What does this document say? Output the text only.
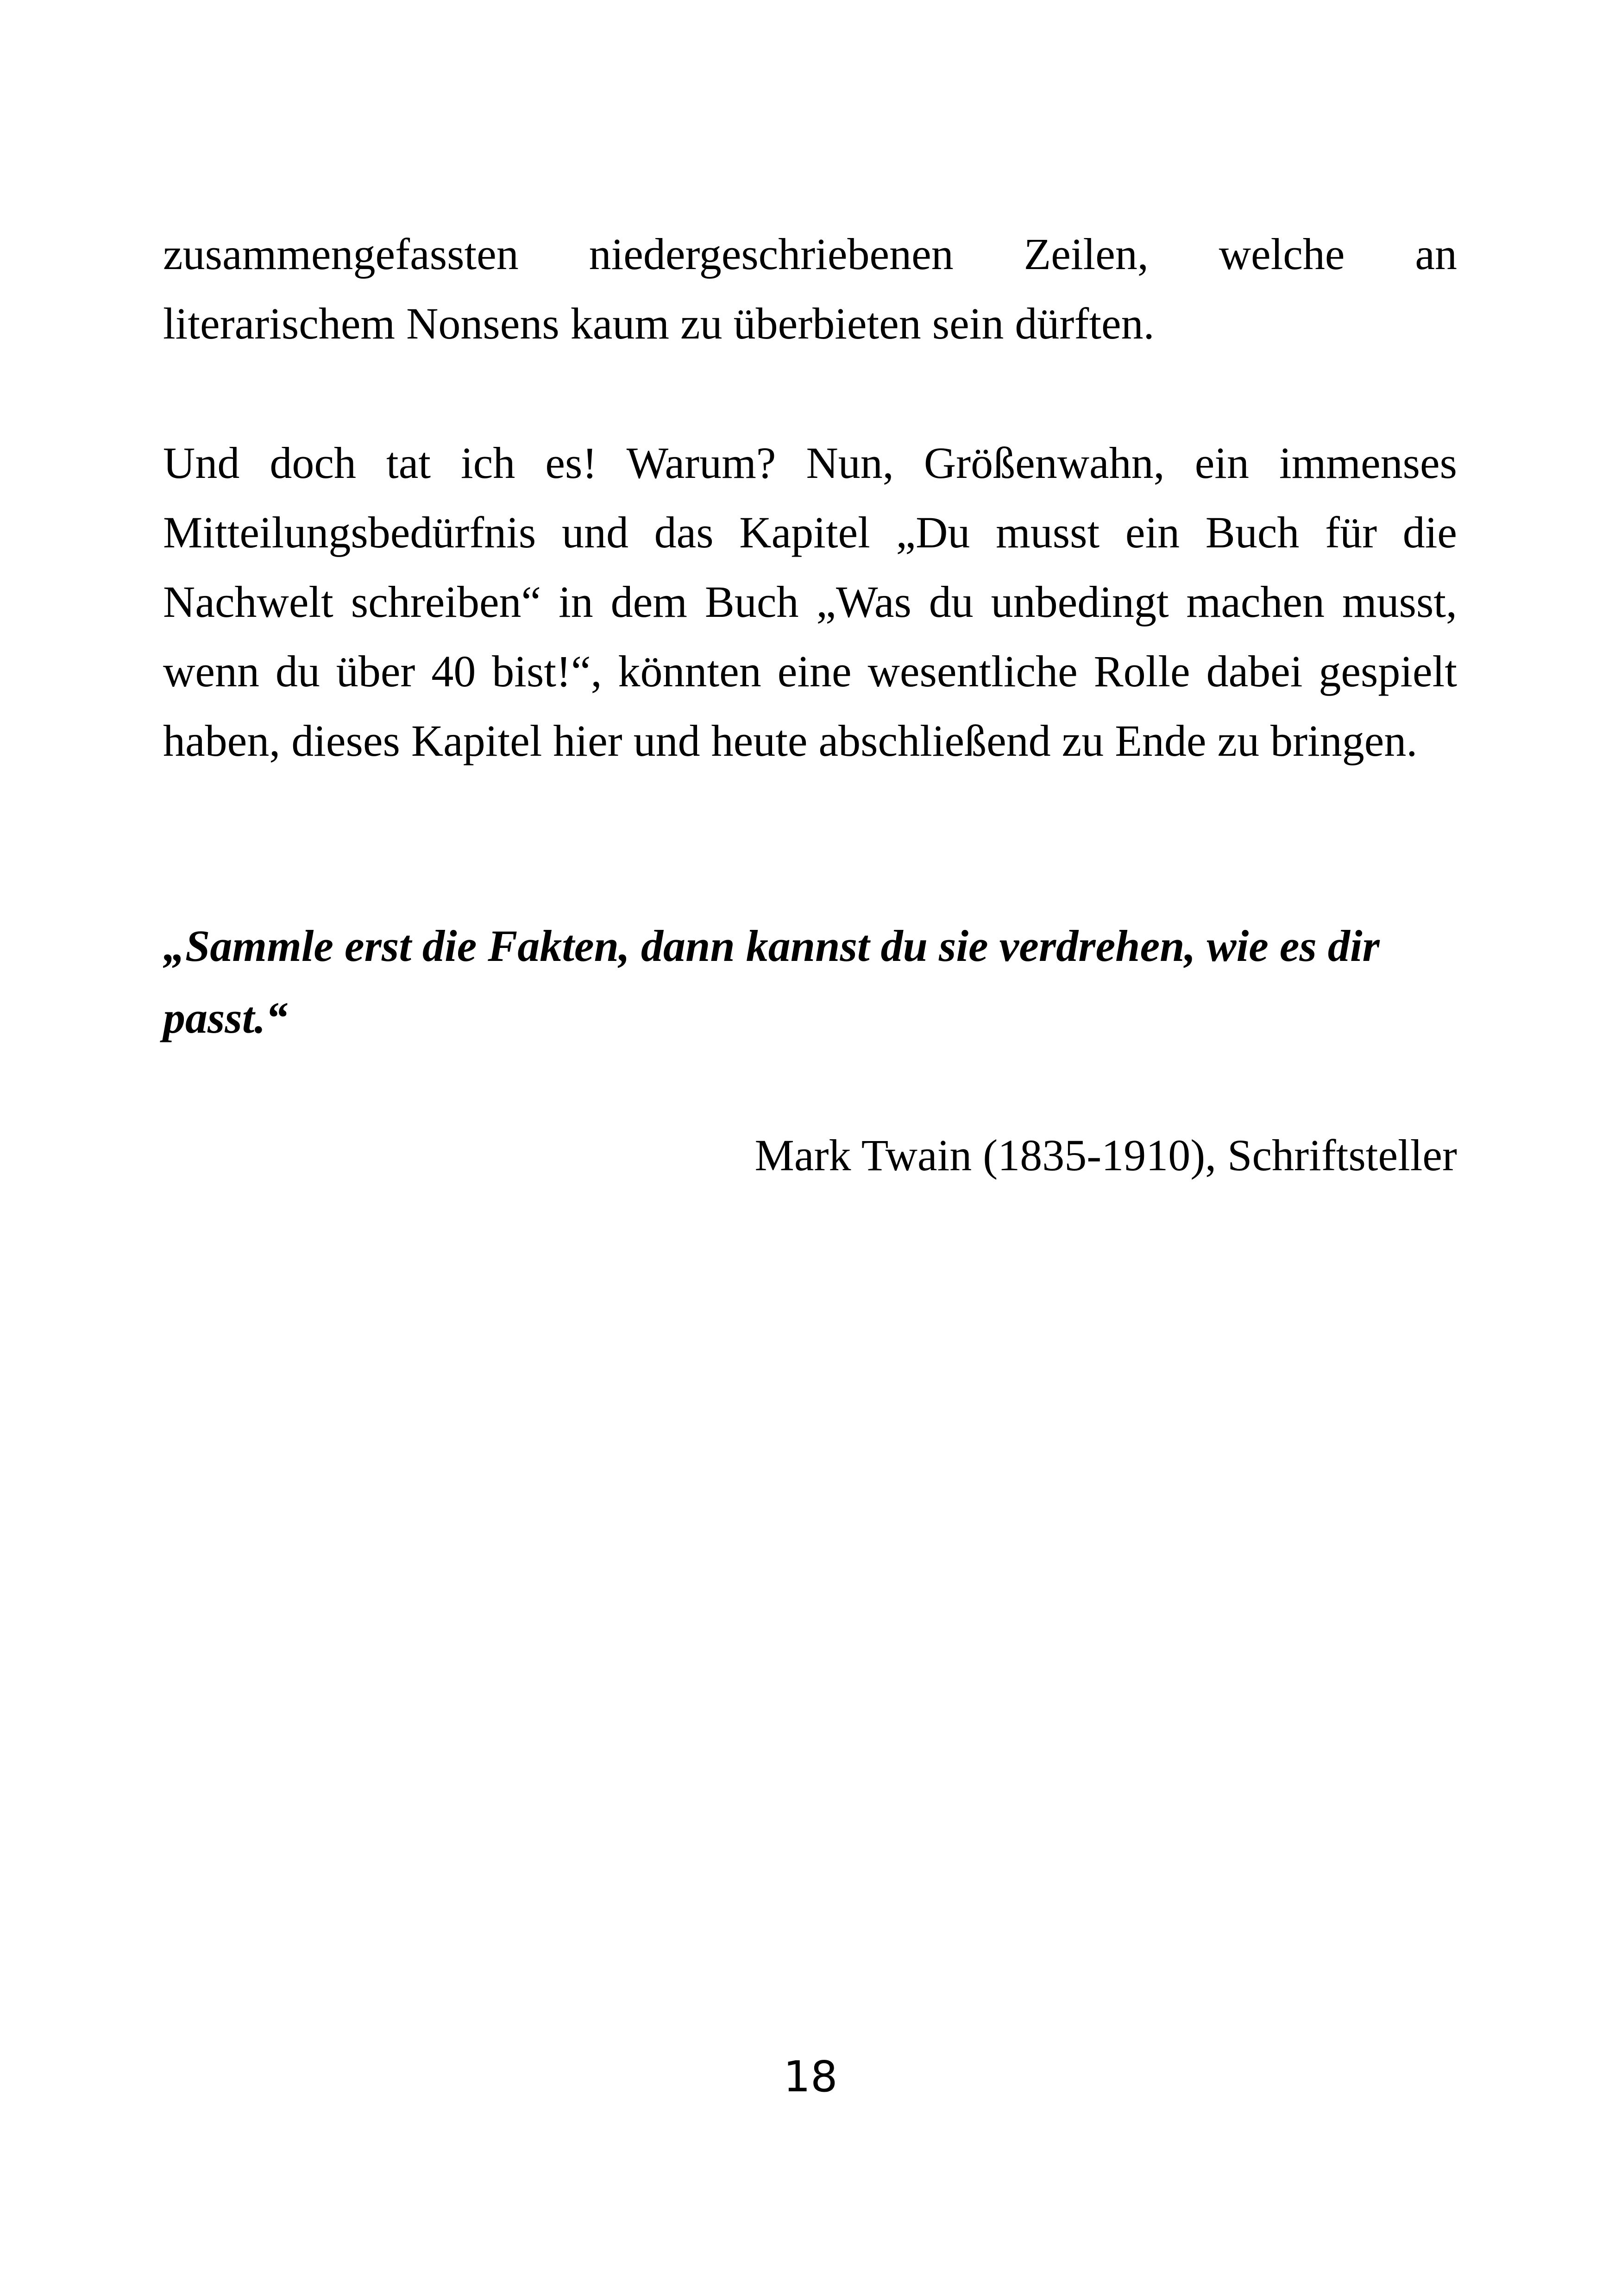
zusammengefassten niedergeschriebenen Zeilen, welche an literarischem Nonsens kaum zu überbieten sein dürften.

Und doch tat ich es! Warum? Nun, Größenwahn, ein immenses Mitteilungsbedürfnis und das Kapitel „Du musst ein Buch für die Nachwelt schreiben“ in dem Buch „Was du unbedingt machen musst, wenn du über 40 bist!“, könnten eine wesentliche Rolle dabei gespielt haben, dieses Kapitel hier und heute abschließend zu Ende zu bringen.

„Sammle erst die Fakten, dann kannst du sie verdrehen, wie es dir passt.“

Mark Twain (1835-1910), Schriftsteller

18
